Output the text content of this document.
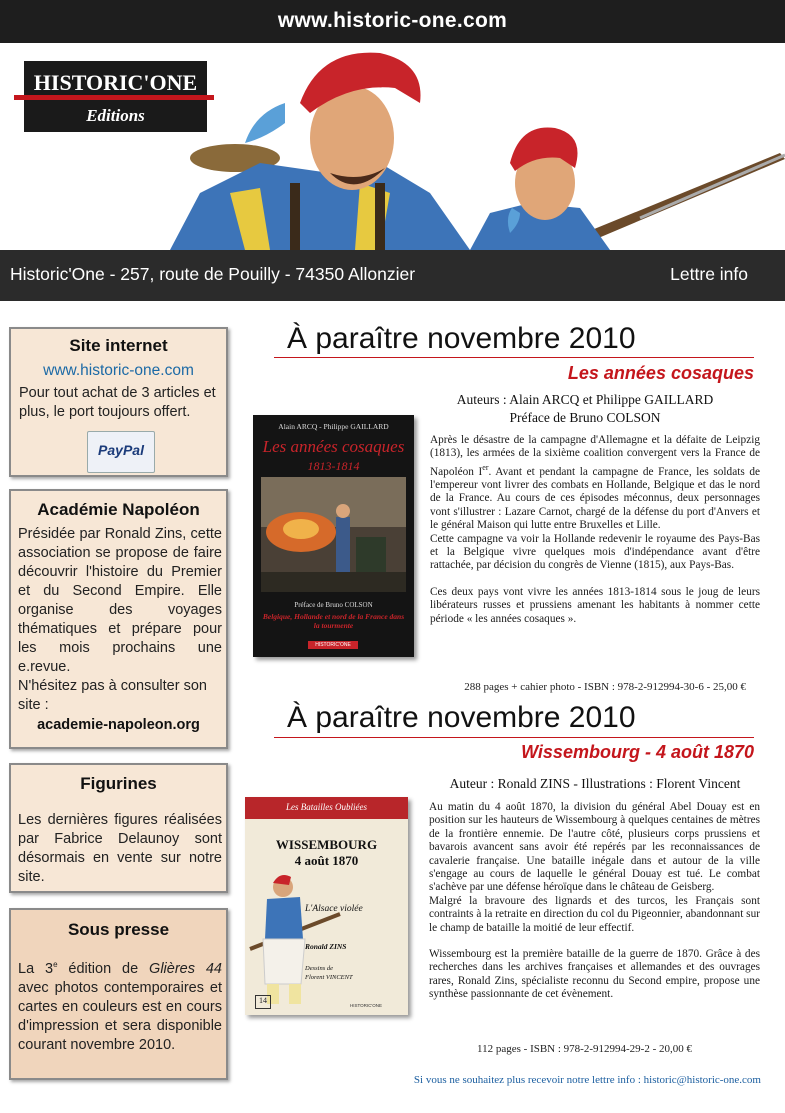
www.historic-one.com
HISTORIC'ONE
Editions
Historic'One - 257, route de Pouilly - 74350 Allonzier	Lettre info
Site internet
www.historic-one.com

Pour tout achat de 3 articles et plus, le port toujours offert.

PayPal
Académie Napoléon

Présidée par Ronald Zins, cette association se propose de faire découvrir l'histoire du Premier et du Second Empire. Elle organise des voyages thématiques et prépare pour les mois prochains une e.revue.

N'hésitez pas à consulter son site :

academie-napoleon.org
Figurines

Les dernières figures réalisées par Fabrice Delaunoy sont désormais en vente sur notre site.

Sous presse

La 3e édition de Glières 44 avec photos contemporaires et cartes en couleurs est en cours d'impression et sera disponible courant novembre 2010.

À paraître novembre 2010
Les années cosaques
Auteurs : Alain ARCQ et Philippe GAILLARD
Préface de Bruno COLSON
Alain ARCQ - Philippe GAILLARD
Les années cosaques
1813-1814
Préface de Bruno COLSON
Belgique, Hollande et nord de la France dans la tourmente
HISTORIC'ONE

Après le désastre de la campagne d'Allemagne et la défaite de Leipzig (1813), les armées de la sixième coalition convergent vers la France de Napoléon Ier. Avant et pendant la campagne de France, les soldats de l'empereur vont livrer des combats en Hollande, Belgique et das le nord de la France. Au cours de ces épisodes méconnus, deux personnages vont s'illustrer : Lazare Carnot, chargé de la défense du port d'Anvers et le général Maison qui lutte entre Bruxelles et Lille.

Cette campagne va voir la Hollande redevenir le royaume des Pays-Bas et la Belgique vivre quelques mois d'indépendance avant d'être rattachée, par décision du congrès de Vienne (1815), aux Pays-Bas.

Ces deux pays vont vivre les années 1813-1814 sous le joug de leurs libérateurs russes et prussiens amenant les habitants à nommer cette période « les années cosaques ».

288 pages + cahier photo - ISBN : 978-2-912994-30-6 - 25,00 €
À paraître novembre 2010
Wissembourg - 4 août 1870
Auteur : Ronald ZINS - Illustrations : Florent Vincent
Les Batailles Oubliées
WISSEMBOURG
4 août 1870
L'Alsace violée
Ronald ZINS
Dessins de
Florent VINCENT
14
HISTORIC'ONE

Au matin du 4 août 1870, la division du général Abel Douay est en position sur les hauteurs de Wissembourg à quelques centaines de mètres de la frontière ennemie. De l'autre côté, plusieurs corps prussiens et bavarois avancent sans avoir été repérés par les reconnaissances de cavalerie française. Une bataille inégale dans et autour de la ville s'engage au cours de laquelle le général Douay est tué. Le combat s'achève par une défense héroïque dans le château de Geisberg.

Malgré la bravoure des lignards et des turcos, les Français sont contraints à la retraite en direction du col du Pigeonnier, abandonnant sur le champ de bataille la moitié de leur effectif.

Wissembourg est la première bataille de la guerre de 1870. Grâce à des recherches dans les archives françaises et allemandes et des ouvrages rares, Ronald Zins, spécialiste reconnu du Second empire, propose une synthèse passionnante de cet évènement.

112 pages - ISBN : 978-2-912994-29-2 - 20,00 €
Si vous ne souhaitez plus recevoir notre lettre info : historic@historic-one.com
